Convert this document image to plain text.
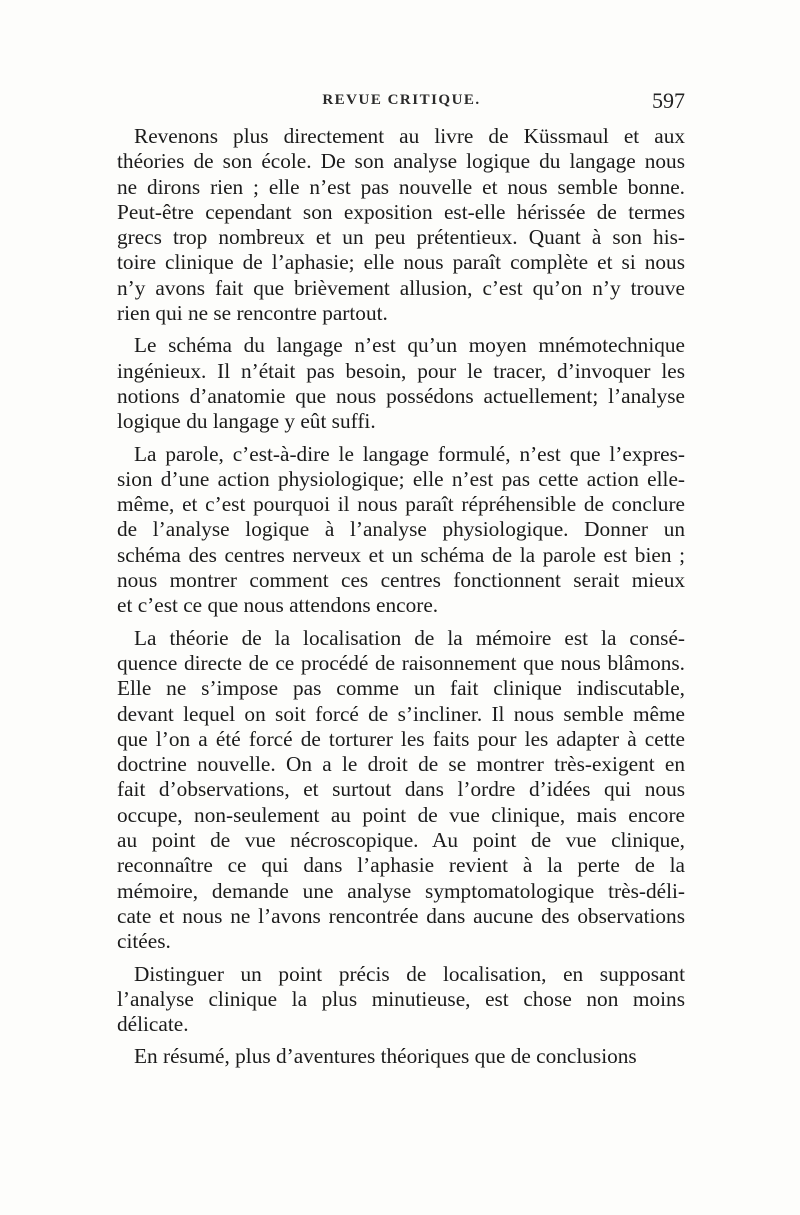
REVUE CRITIQUE.	597
Revenons plus directement au livre de Küssmaul et aux
théories de son école. De son analyse logique du langage nous
ne dirons rien ; elle n’est pas nouvelle et nous semble bonne.
Peut-être cependant son exposition est-elle hérissée de termes
grecs trop nombreux et un peu prétentieux. Quant à son his-
toire clinique de l’aphasie; elle nous paraît complète et si nous
n’y avons fait que brièvement allusion, c’est qu’on n’y trouve
rien qui ne se rencontre partout.
Le schéma du langage n’est qu’un moyen mnémotechnique
ingénieux. Il n’était pas besoin, pour le tracer, d’invoquer les
notions d’anatomie que nous possédons actuellement; l’analyse
logique du langage y eût suffi.
La parole, c’est-à-dire le langage formulé, n’est que l’expres-
sion d’une action physiologique; elle n’est pas cette action elle-
même, et c’est pourquoi il nous paraît répréhensible de conclure
de l’analyse logique à l’analyse physiologique. Donner un
schéma des centres nerveux et un schéma de la parole est bien ;
nous montrer comment ces centres fonctionnent serait mieux
et c’est ce que nous attendons encore.
La théorie de la localisation de la mémoire est la consé-
quence directe de ce procédé de raisonnement que nous blâmons.
Elle ne s’impose pas comme un fait clinique indiscutable,
devant lequel on soit forcé de s’incliner. Il nous semble même
que l’on a été forcé de torturer les faits pour les adapter à cette
doctrine nouvelle. On a le droit de se montrer très-exigent en
fait d’observations, et surtout dans l’ordre d’idées qui nous
occupe, non-seulement au point de vue clinique, mais encore
au point de vue nécroscopique. Au point de vue clinique,
reconnaître ce qui dans l’aphasie revient à la perte de la
mémoire, demande une analyse symptomatologique très-déli-
cate et nous ne l’avons rencontrée dans aucune des observations
citées.
Distinguer un point précis de localisation, en supposant
l’analyse clinique la plus minutieuse, est chose non moins
délicate.
En résumé, plus d’aventures théoriques que de conclusions
